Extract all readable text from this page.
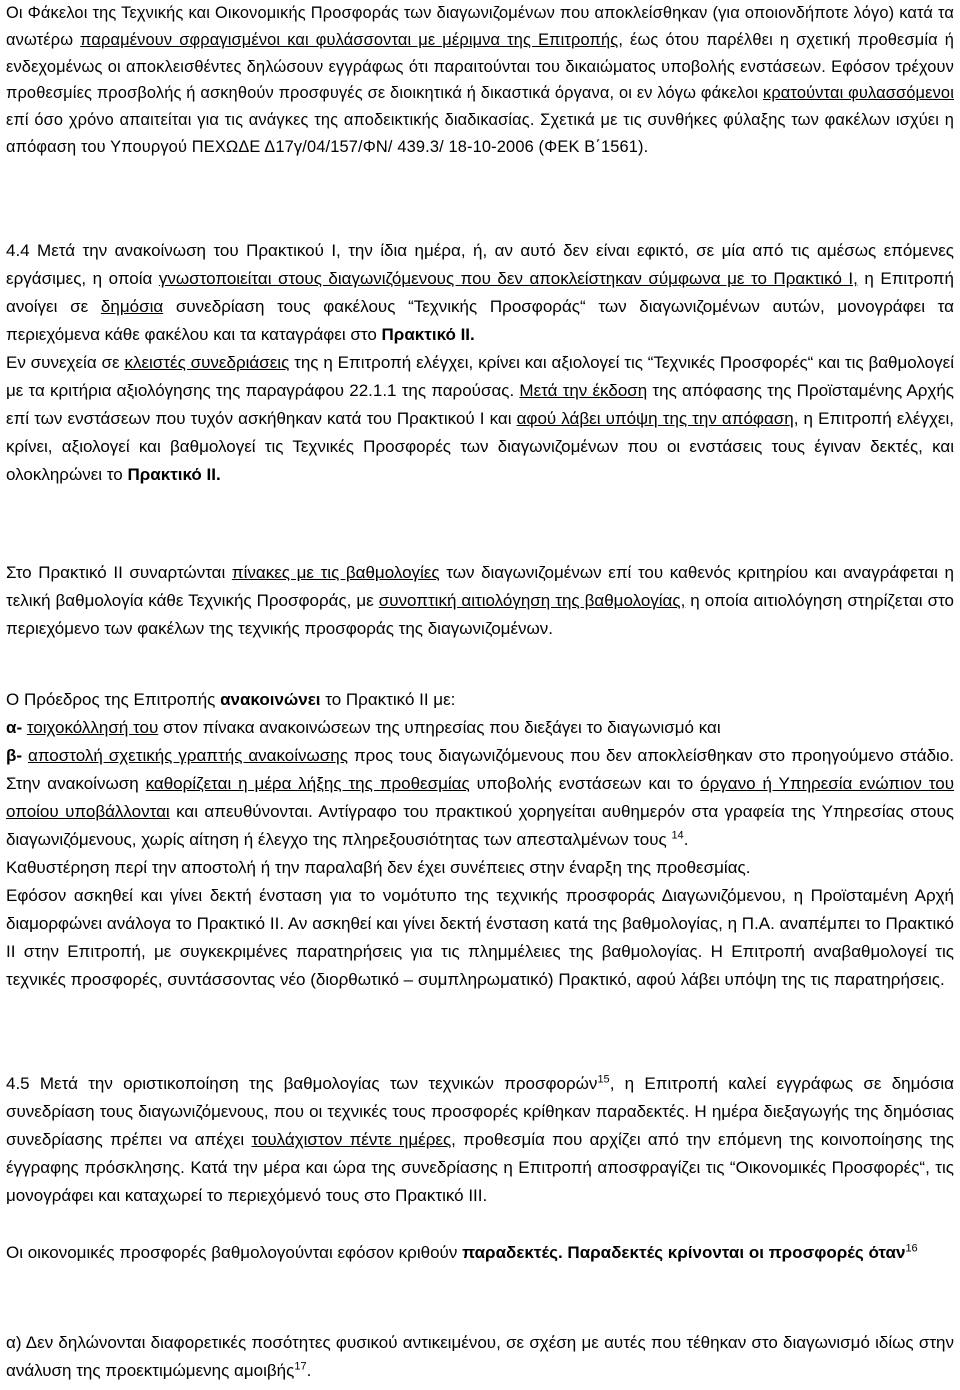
Οι Φάκελοι της Τεχνικής και Οικονομικής Προσφοράς των διαγωνιζομένων που αποκλείσθηκαν (για οποιονδήποτε λόγο) κατά τα ανωτέρω παραμένουν σφραγισμένοι και φυλάσσονται με μέριμνα της Επιτροπής, έως ότου παρέλθει η σχετική προθεσμία ή ενδεχομένως οι αποκλεισθέντες δηλώσουν εγγράφως ότι παραιτούνται του δικαιώματος υποβολής ενστάσεων. Εφόσον τρέχουν προθεσμίες προσβολής ή ασκηθούν προσφυγές σε διοικητικά ή δικαστικά όργανα, οι εν λόγω φάκελοι κρατούνται φυλασσόμενοι επί όσο χρόνο απαιτείται για τις ανάγκες της αποδεικτικής διαδικασίας. Σχετικά με τις συνθήκες φύλαξης των φακέλων ισχύει η απόφαση του Υπουργού ΠΕΧΩΔΕ Δ17γ/04/157/ΦΝ/ 439.3/ 18-10-2006 (ΦΕΚ Β΄1561).

4.4 Μετά την ανακοίνωση του Πρακτικού Ι, την ίδια ημέρα, ή, αν αυτό δεν είναι εφικτό, σε μία από τις αμέσως επόμενες εργάσιμες, η οποία γνωστοποιείται στους διαγωνιζόμενους που δεν αποκλείστηκαν σύμφωνα με το Πρακτικό Ι, η Επιτροπή ανοίγει σε δημόσια συνεδρίαση τους φακέλους “Τεχνικής Προσφοράς“ των διαγωνιζομένων αυτών, μονογράφει τα περιεχόμενα κάθε φακέλου και τα καταγράφει στο Πρακτικό ΙΙ.

Εν συνεχεία σε κλειστές συνεδριάσεις της η Επιτροπή ελέγχει, κρίνει και αξιολογεί τις “Τεχνικές Προσφορές“ και τις βαθμολογεί με τα κριτήρια αξιολόγησης της παραγράφου 22.1.1 της παρούσας. Μετά την έκδοση της απόφασης της Προϊσταμένης Αρχής επί των ενστάσεων που τυχόν ασκήθηκαν κατά του Πρακτικού Ι και αφού λάβει υπόψη της την απόφαση, η Επιτροπή ελέγχει, κρίνει, αξιολογεί και βαθμολογεί τις Τεχνικές Προσφορές των διαγωνιζομένων που οι ενστάσεις τους έγιναν δεκτές, και ολοκληρώνει το Πρακτικό ΙΙ.

Στο Πρακτικό ΙΙ συναρτώνται πίνακες με τις βαθμολογίες των διαγωνιζομένων επί του καθενός κριτηρίου και αναγράφεται η τελική βαθμολογία κάθε Τεχνικής Προσφοράς, με συνοπτική αιτιολόγηση της βαθμολογίας, η οποία αιτιολόγηση στηρίζεται στο περιεχόμενο των φακέλων της τεχνικής προσφοράς της διαγωνιζομένων.

Ο Πρόεδρος της Επιτροπής ανακοινώνει το Πρακτικό ΙΙ με:

α- τοιχοκόλλησή του στον πίνακα ανακοινώσεων της υπηρεσίας που διεξάγει το διαγωνισμό και

β- αποστολή σχετικής γραπτής ανακοίνωσης προς τους διαγωνιζόμενους που δεν αποκλείσθηκαν στο προηγούμενο στάδιο. Στην ανακοίνωση καθορίζεται η μέρα λήξης της προθεσμίας υποβολής ενστάσεων και το όργανο ή Υπηρεσία ενώπιον του οποίου υποβάλλονται και απευθύνονται. Αντίγραφο του πρακτικού χορηγείται αυθημερόν στα γραφεία της Υπηρεσίας στους διαγωνιζόμενους, χωρίς αίτηση ή έλεγχο της πληρεξουσιότητας των απεσταλμένων τους $^{14}$.

Καθυστέρηση περί την αποστολή ή την παραλαβή δεν έχει συνέπειες στην έναρξη της προθεσμίας.

Εφόσον ασκηθεί και γίνει δεκτή ένσταση για το νομότυπο της τεχνικής προσφοράς Διαγωνιζόμενου, η Προϊσταμένη Αρχή διαμορφώνει ανάλογα το Πρακτικό ΙΙ. Αν ασκηθεί και γίνει δεκτή ένσταση κατά της βαθμολογίας, η Π.Α. αναπέμπει το Πρακτικό ΙΙ στην Επιτροπή, με συγκεκριμένες παρατηρήσεις για τις πλημμέλειες της βαθμολογίας. Η Επιτροπή αναβαθμολογεί τις τεχνικές προσφορές, συντάσσοντας νέο (διορθωτικό – συμπληρωματικό) Πρακτικό, αφού λάβει υπόψη της τις παρατηρήσεις.

4.5 Μετά την οριστικοποίηση της βαθμολογίας των τεχνικών προσφορών$^{15}$, η Επιτροπή καλεί εγγράφως σε δημόσια συνεδρίαση τους διαγωνιζόμενους, που οι τεχνικές τους προσφορές κρίθηκαν παραδεκτές. Η ημέρα διεξαγωγής της δημόσιας συνεδρίασης πρέπει να απέχει τουλάχιστον πέντε ημέρες, προθεσμία που αρχίζει από την επόμενη της κοινοποίησης της έγγραφης πρόσκλησης. Κατά την μέρα και ώρα της συνεδρίασης η Επιτροπή αποσφραγίζει τις “Οικονομικές Προσφορές“, τις μονογράφει και καταχωρεί το περιεχόμενό τους στο Πρακτικό ΙΙΙ.

Οι οικονομικές προσφορές βαθμολογούνται εφόσον κριθούν παραδεκτές. Παραδεκτές κρίνονται οι προσφορές όταν$^{16}$

α) Δεν δηλώνονται διαφορετικές ποσότητες φυσικού αντικειμένου, σε σχέση με αυτές που τέθηκαν στο διαγωνισμό ιδίως στην ανάλυση της προεκτιμώμενης αμοιβής$^{17}$.
